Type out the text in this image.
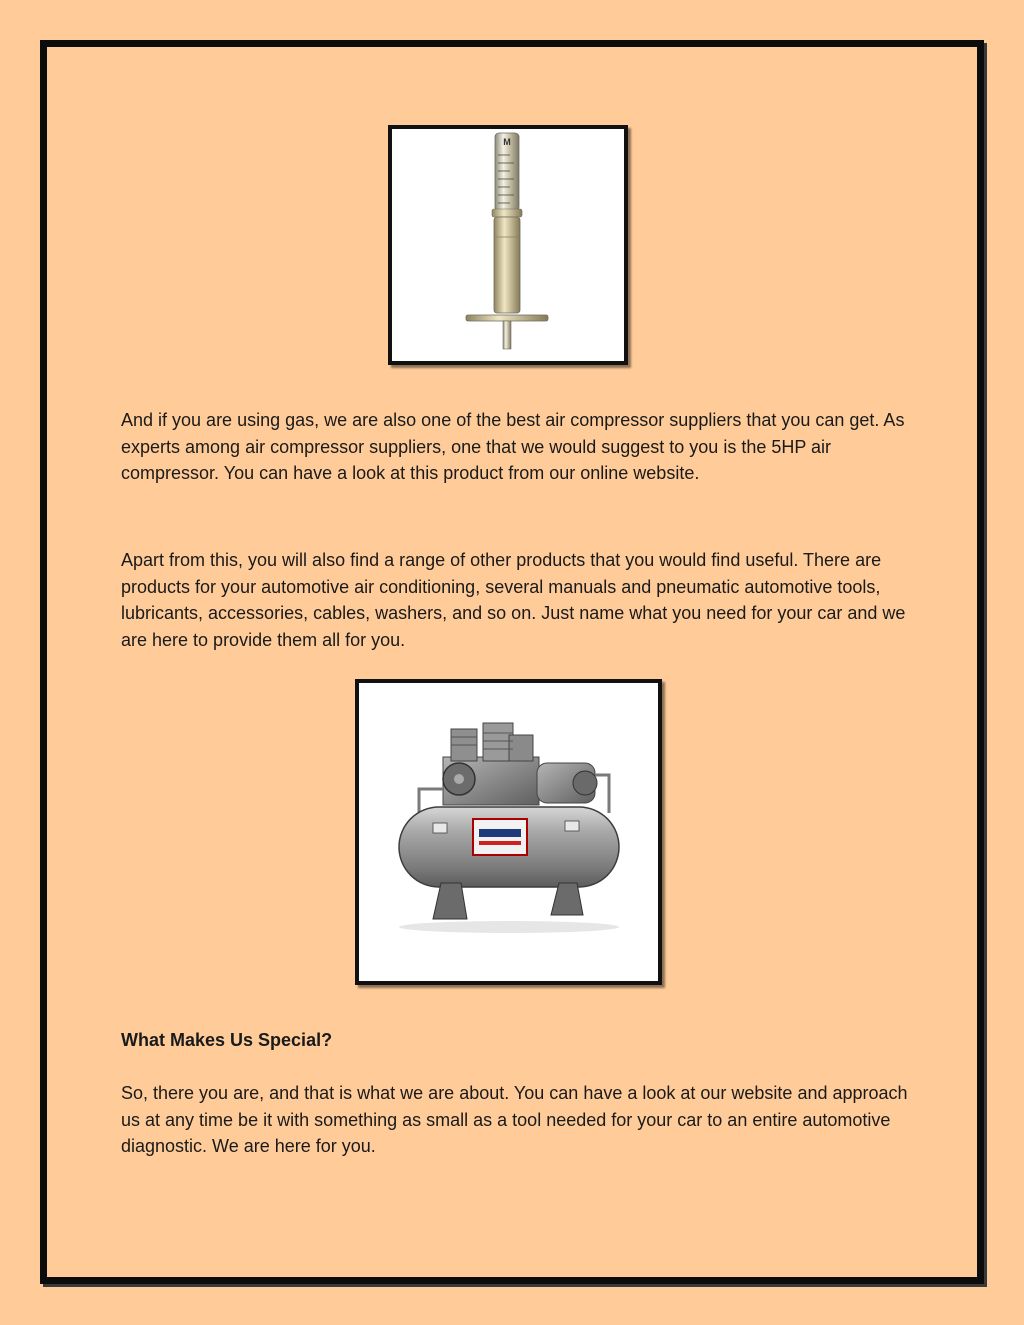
M

And if you are using gas, we are also one of the best air compressor suppliers that you can get. As experts among air compressor suppliers, one that we would suggest to you is the 5HP air compressor. You can have a look at this product from our online website.

Apart from this, you will also find a range of other products that you would find useful. There are products for your automotive air conditioning, several manuals and pneumatic automotive tools, lubricants, accessories, cables, washers, and so on. Just name what you need for your car and we are here to provide them all for you.

What Makes Us Special?

So, there you are, and that is what we are about. You can have a look at our website and approach us at any time be it with something as small as a tool needed for your car to an entire automotive diagnostic. We are here for you.
